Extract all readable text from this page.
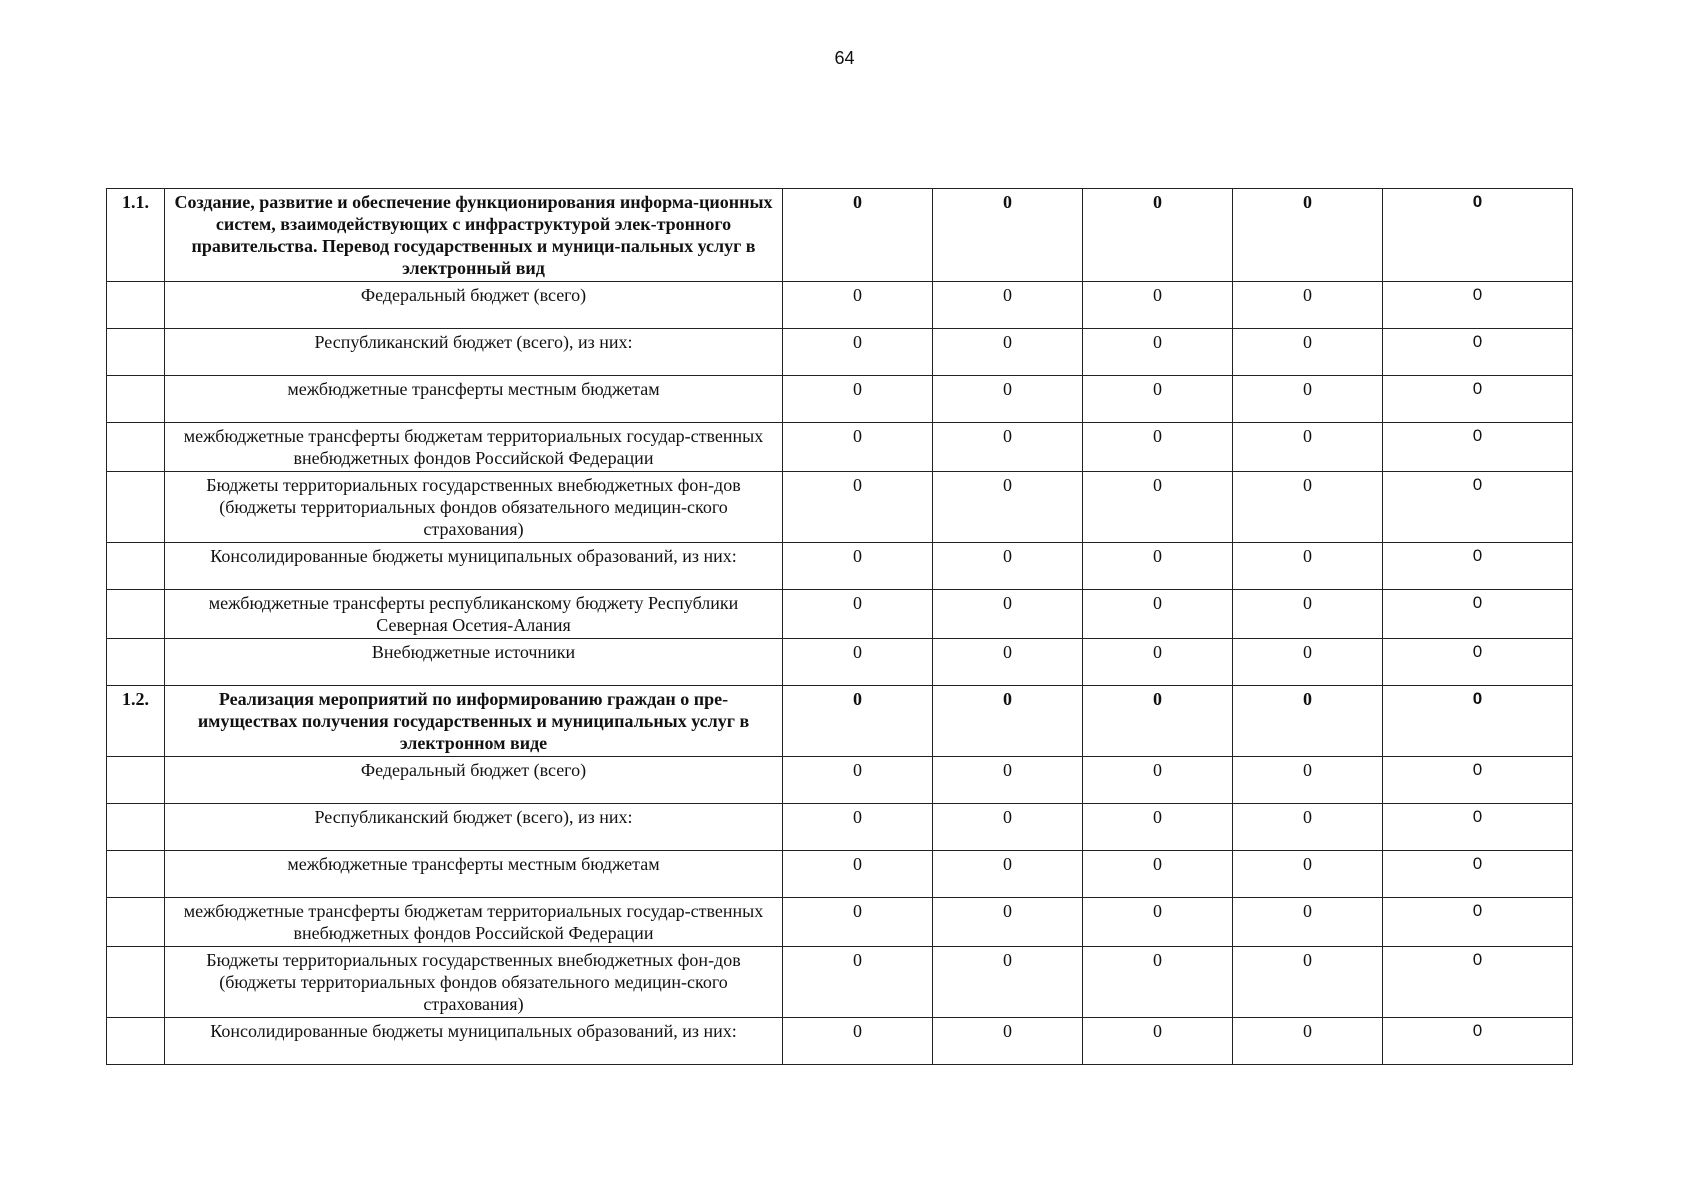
64
1.1.	Создание, развитие и обеспечение функционирования информа-ционных систем, взаимодействующих с инфраструктурой элек-тронного правительства. Перевод государственных и муници-пальных услуг в электронный вид	0	0	0	0	0
	Федеральный бюджет (всего)	0	0	0	0	0
	Республиканский бюджет (всего), из них:	0	0	0	0	0
	межбюджетные трансферты местным бюджетам	0	0	0	0	0
	межбюджетные трансферты бюджетам территориальных государ-ственных внебюджетных фондов Российской Федерации	0	0	0	0	0
	Бюджеты территориальных государственных внебюджетных фон-дов (бюджеты территориальных фондов обязательного медицин-ского страхования)	0	0	0	0	0
	Консолидированные бюджеты муниципальных образований, из них:	0	0	0	0	0
	межбюджетные трансферты республиканскому бюджету Республики Северная Осетия-Алания	0	0	0	0	0
	Внебюджетные источники	0	0	0	0	0
1.2.	Реализация мероприятий по информированию граждан о пре-имуществах получения государственных и муниципальных услуг в электронном виде	0	0	0	0	0
	Федеральный бюджет (всего)	0	0	0	0	0
	Республиканский бюджет (всего), из них:	0	0	0	0	0
	межбюджетные трансферты местным бюджетам	0	0	0	0	0
	межбюджетные трансферты бюджетам территориальных государ-ственных внебюджетных фондов Российской Федерации	0	0	0	0	0
	Бюджеты территориальных государственных внебюджетных фон-дов (бюджеты территориальных фондов обязательного медицин-ского страхования)	0	0	0	0	0
	Консолидированные бюджеты муниципальных образований, из них:	0	0	0	0	0
